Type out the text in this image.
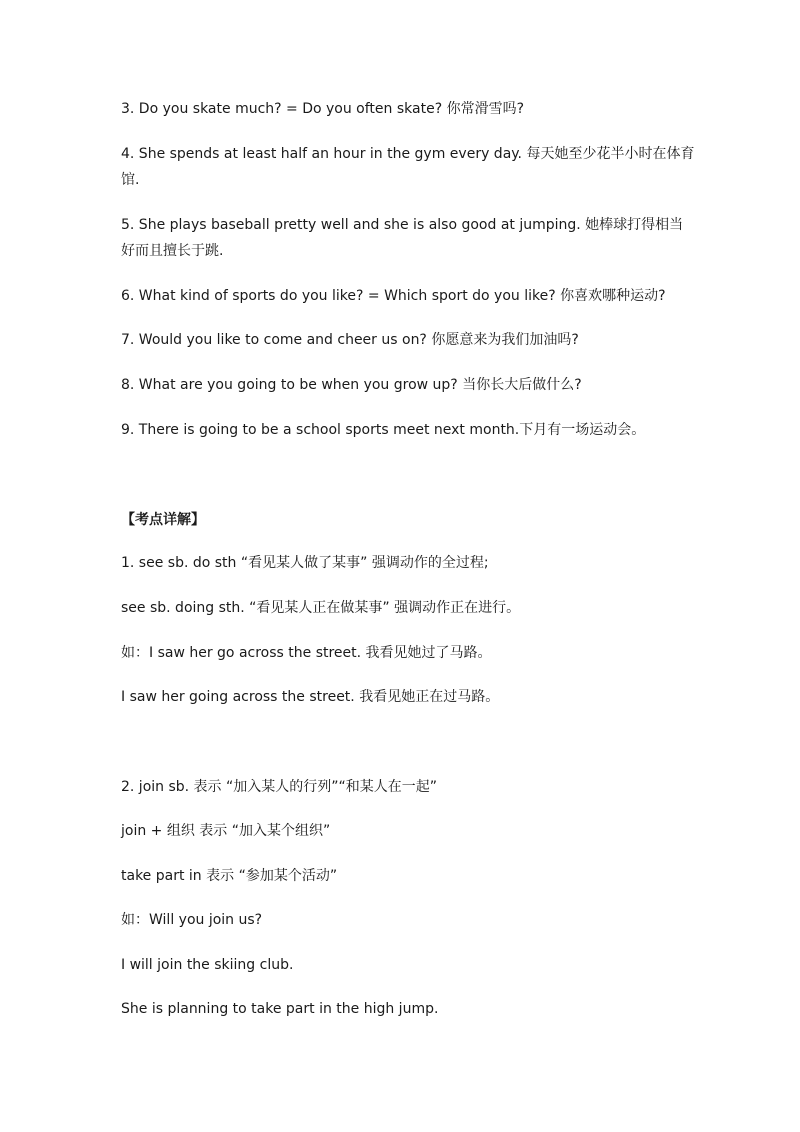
3. Do you skate much? = Do you often skate? 你常滑雪吗?
4. She spends at least half an hour in the gym every day. 每天她至少花半小时在体育馆.
5. She plays baseball pretty well and she is also good at jumping. 她棒球打得相当好而且擅长于跳.
6. What kind of sports do you like? = Which sport do you like? 你喜欢哪种运动?
7. Would you like to come and cheer us on? 你愿意来为我们加油吗?
8. What are you going to be when you grow up? 当你长大后做什么?
9. There is going to be a school sports meet next month.下月有一场运动会。
【考点详解】
1. see sb. do sth “看见某人做了某事” 强调动作的全过程;
see sb. doing sth. “看见某人正在做某事” 强调动作正在进行。
如：I saw her go across the street. 我看见她过了马路。
I saw her going across the street. 我看见她正在过马路。
2. join sb. 表示 “加入某人的行列”“和某人在一起”
join + 组织 表示 “加入某个组织”
take part in 表示 “参加某个活动”
如：Will you join us?
I will join the skiing club.
She is planning to take part in the high jump.
